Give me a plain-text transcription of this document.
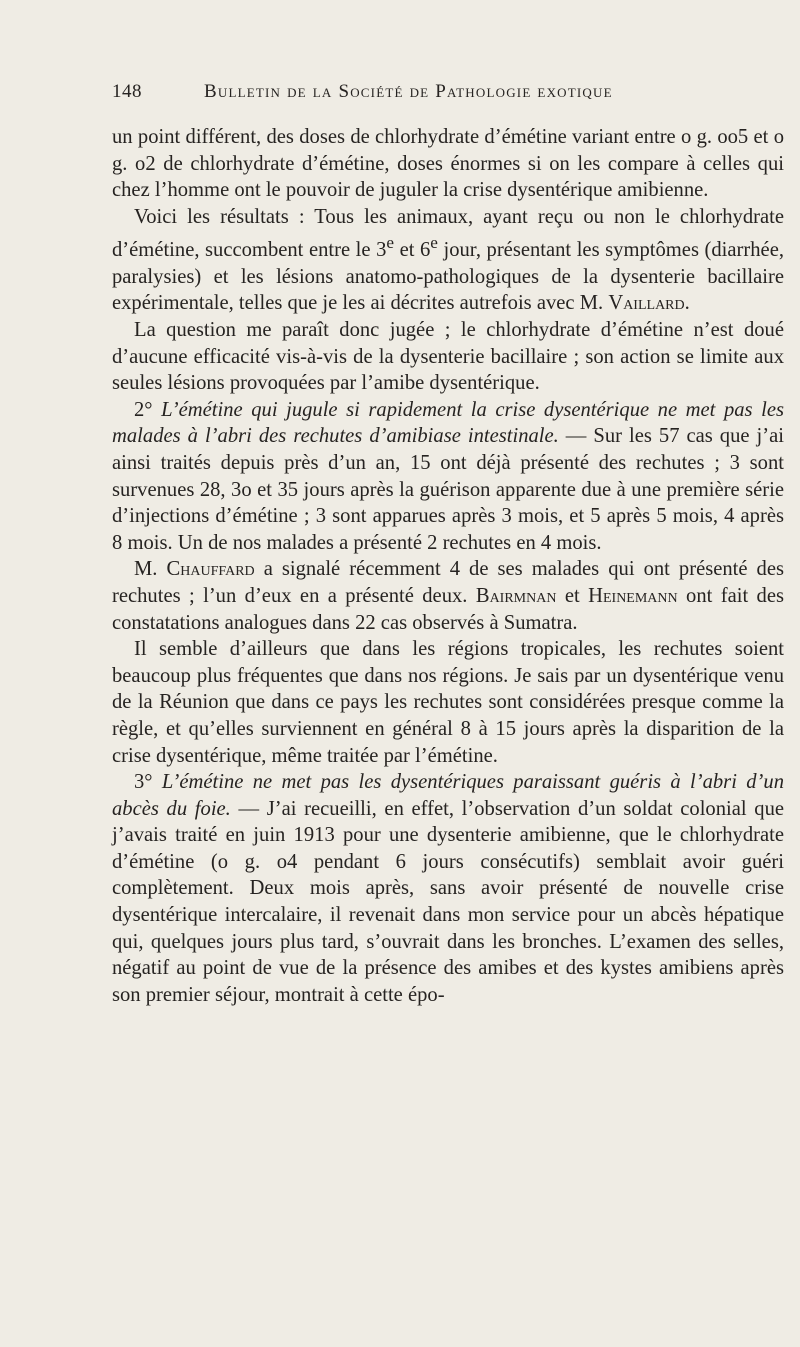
148	Bulletin de la Société de Pathologie exotique

un point différent, des doses de chlorhydrate d’émétine variant entre o g. oo5 et o g. o2 de chlorhydrate d’émétine, doses énormes si on les compare à celles qui chez l’homme ont le pouvoir de juguler la crise dysentérique amibienne.

Voici les résultats : Tous les animaux, ayant reçu ou non le chlorhydrate d’émétine, succombent entre le 3e et 6e jour, présentant les symptômes (diarrhée, paralysies) et les lésions anatomo-pathologiques de la dysenterie bacillaire expérimentale, telles que je les ai décrites autrefois avec M. Vaillard.

La question me paraît donc jugée ; le chlorhydrate d’émétine n’est doué d’aucune efficacité vis-à-vis de la dysenterie bacillaire ; son action se limite aux seules lésions provoquées par l’amibe dysentérique.

2° L’émétine qui jugule si rapidement la crise dysentérique ne met pas les malades à l’abri des rechutes d’amibiase intestinale. — Sur les 57 cas que j’ai ainsi traités depuis près d’un an, 15 ont déjà présenté des rechutes ; 3 sont survenues 28, 3o et 35 jours après la guérison apparente due à une première série d’injections d’émétine ; 3 sont apparues après 3 mois, et 5 après 5 mois, 4 après 8 mois. Un de nos malades a présenté 2 rechutes en 4 mois.

M. Chauffard a signalé récemment 4 de ses malades qui ont présenté des rechutes ; l’un d’eux en a présenté deux. Bairmnan et Heinemann ont fait des constatations analogues dans 22 cas observés à Sumatra.

Il semble d’ailleurs que dans les régions tropicales, les rechutes soient beaucoup plus fréquentes que dans nos régions. Je sais par un dysentérique venu de la Réunion que dans ce pays les rechutes sont considérées presque comme la règle, et qu’elles surviennent en général 8 à 15 jours après la disparition de la crise dysentérique, même traitée par l’émétine.

3° L’émétine ne met pas les dysentériques paraissant guéris à l’abri d’un abcès du foie. — J’ai recueilli, en effet, l’observation d’un soldat colonial que j’avais traité en juin 1913 pour une dysenterie amibienne, que le chlorhydrate d’émétine (o g. o4 pendant 6 jours consécutifs) semblait avoir guéri complètement. Deux mois après, sans avoir présenté de nouvelle crise dysentérique intercalaire, il revenait dans mon service pour un abcès hépatique qui, quelques jours plus tard, s’ouvrait dans les bronches. L’examen des selles, négatif au point de vue de la présence des amibes et des kystes amibiens après son premier séjour, montrait à cette épo-
